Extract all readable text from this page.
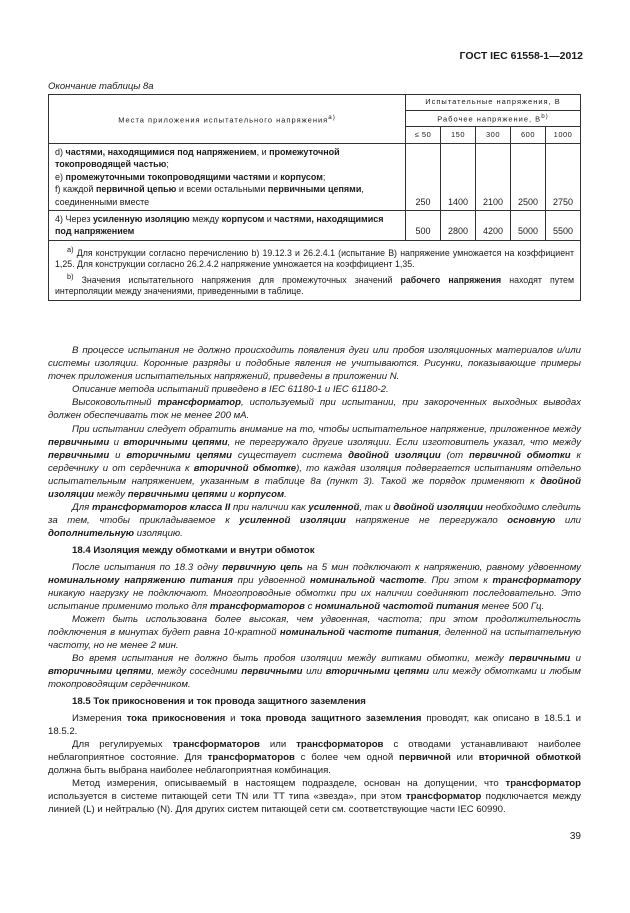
ГОСТ IEC 61558-1—2012
Окончание таблицы 8а
Места приложения испытательного напряжения$^{a)}$	Испытательные напряжения, В				
	Рабочее напряжение, $В^{b)}$
	≤ 50	150	300	600	1000

d) частями, находящимися под напряжением, и промежуточной токопроводящей частью;
e) промежуточными токопроводящими частями и корпусом;
f) каждой первичной цепью и всеми остальными первичными цепями, соединенными вместе	250	1400	2100	2500	2750
4) Через усиленную изоляцию между корпусом и частями, находящимися под напряжением	500	2800	4200	5000	5500

$^{a)}$ Для конструкции согласно перечислению b) 19.12.3 и 26.2.4.1 (испытание В) напряжение умножается на коэффициент 1,25. Для конструкции согласно 26.2.4.2 напряжение умножается на коэффициент 1,35.
$^{b)}$ Значения испытательного напряжения для промежуточных значений рабочего напряжения находят путем интерполяции между значениями, приведенными в таблице.					

В процессе испытания не должно происходить появления дуги или пробоя изоляционных материалов и/или системы изоляции. Коронные разряды и подобные явления не учитываются. Рисунки, показывающие примеры точек приложения испытательных напряжений, приведены в приложении N.

Описание метода испытаний приведено в IEC 61180-1 и IEC 61180-2.

Высоковольтный трансформатор, используемый при испытании, при закороченных выходных выводах должен обеспечивать ток не менее 200 мА.

При испытании следует обратить внимание на то, чтобы испытательное напряжение, приложенное между первичными и вторичными цепями, не перегружало другие изоляции. Если изготовитель указал, что между первичными и вторичными цепями существует система двойной изоляции (от первичной обмотки к сердечнику и от сердечника к вторичной обмотке), то каждая изоляция подвергается испытаниям отдельно испытательным напряжением, указанным в таблице 8а (пункт 3). Такой же порядок применяют к двойной изоляции между первичными цепями и корпусом.

Для трансформаторов класса II при наличии как усиленной, так и двойной изоляции необходимо следить за тем, чтобы прикладываемое к усиленной изоляции напряжение не перегружало основную или дополнительную изоляцию.

18.4 Изоляция между обмотками и внутри обмоток

После испытания по 18.3 одну первичную цепь на 5 мин подключают к напряжению, равному удвоенному номинальному напряжению питания при удвоенной номинальной частоте. При этом к трансформатору никакую нагрузку не подключают. Многопроводные обмотки при их наличии соединяют последовательно. Это испытание применимо только для трансформаторов с номинальной частотой питания менее 500 Гц.

Может быть использована более высокая, чем удвоенная, частота; при этом продолжительность подключения в минутах будет равна 10-кратной номинальной частоте питания, деленной на испытательную частоту, но не менее 2 мин.

Во время испытания не должно быть пробоя изоляции между витками обмотки, между первичными и вторичными цепями, между соседними первичными или вторичными цепями или между обмотками и любым токопроводящим сердечником.

18.5 Ток прикосновения и ток провода защитного заземления

Измерения тока прикосновения и тока провода защитного заземления проводят, как описано в 18.5.1 и 18.5.2.

Для регулируемых трансформаторов или трансформаторов с отводами устанавливают наиболее неблагоприятное состояние. Для трансформаторов с более чем одной первичной или вторичной обмоткой должна быть выбрана наиболее неблагоприятная комбинация.

Метод измерения, описываемый в настоящем подразделе, основан на допущении, что трансформатор используется в системе питающей сети TN или TT типа «звезда», при этом трансформатор подключается между линией (L) и нейтралью (N). Для других систем питающей сети см. соответствующие части IEC 60990.

39
